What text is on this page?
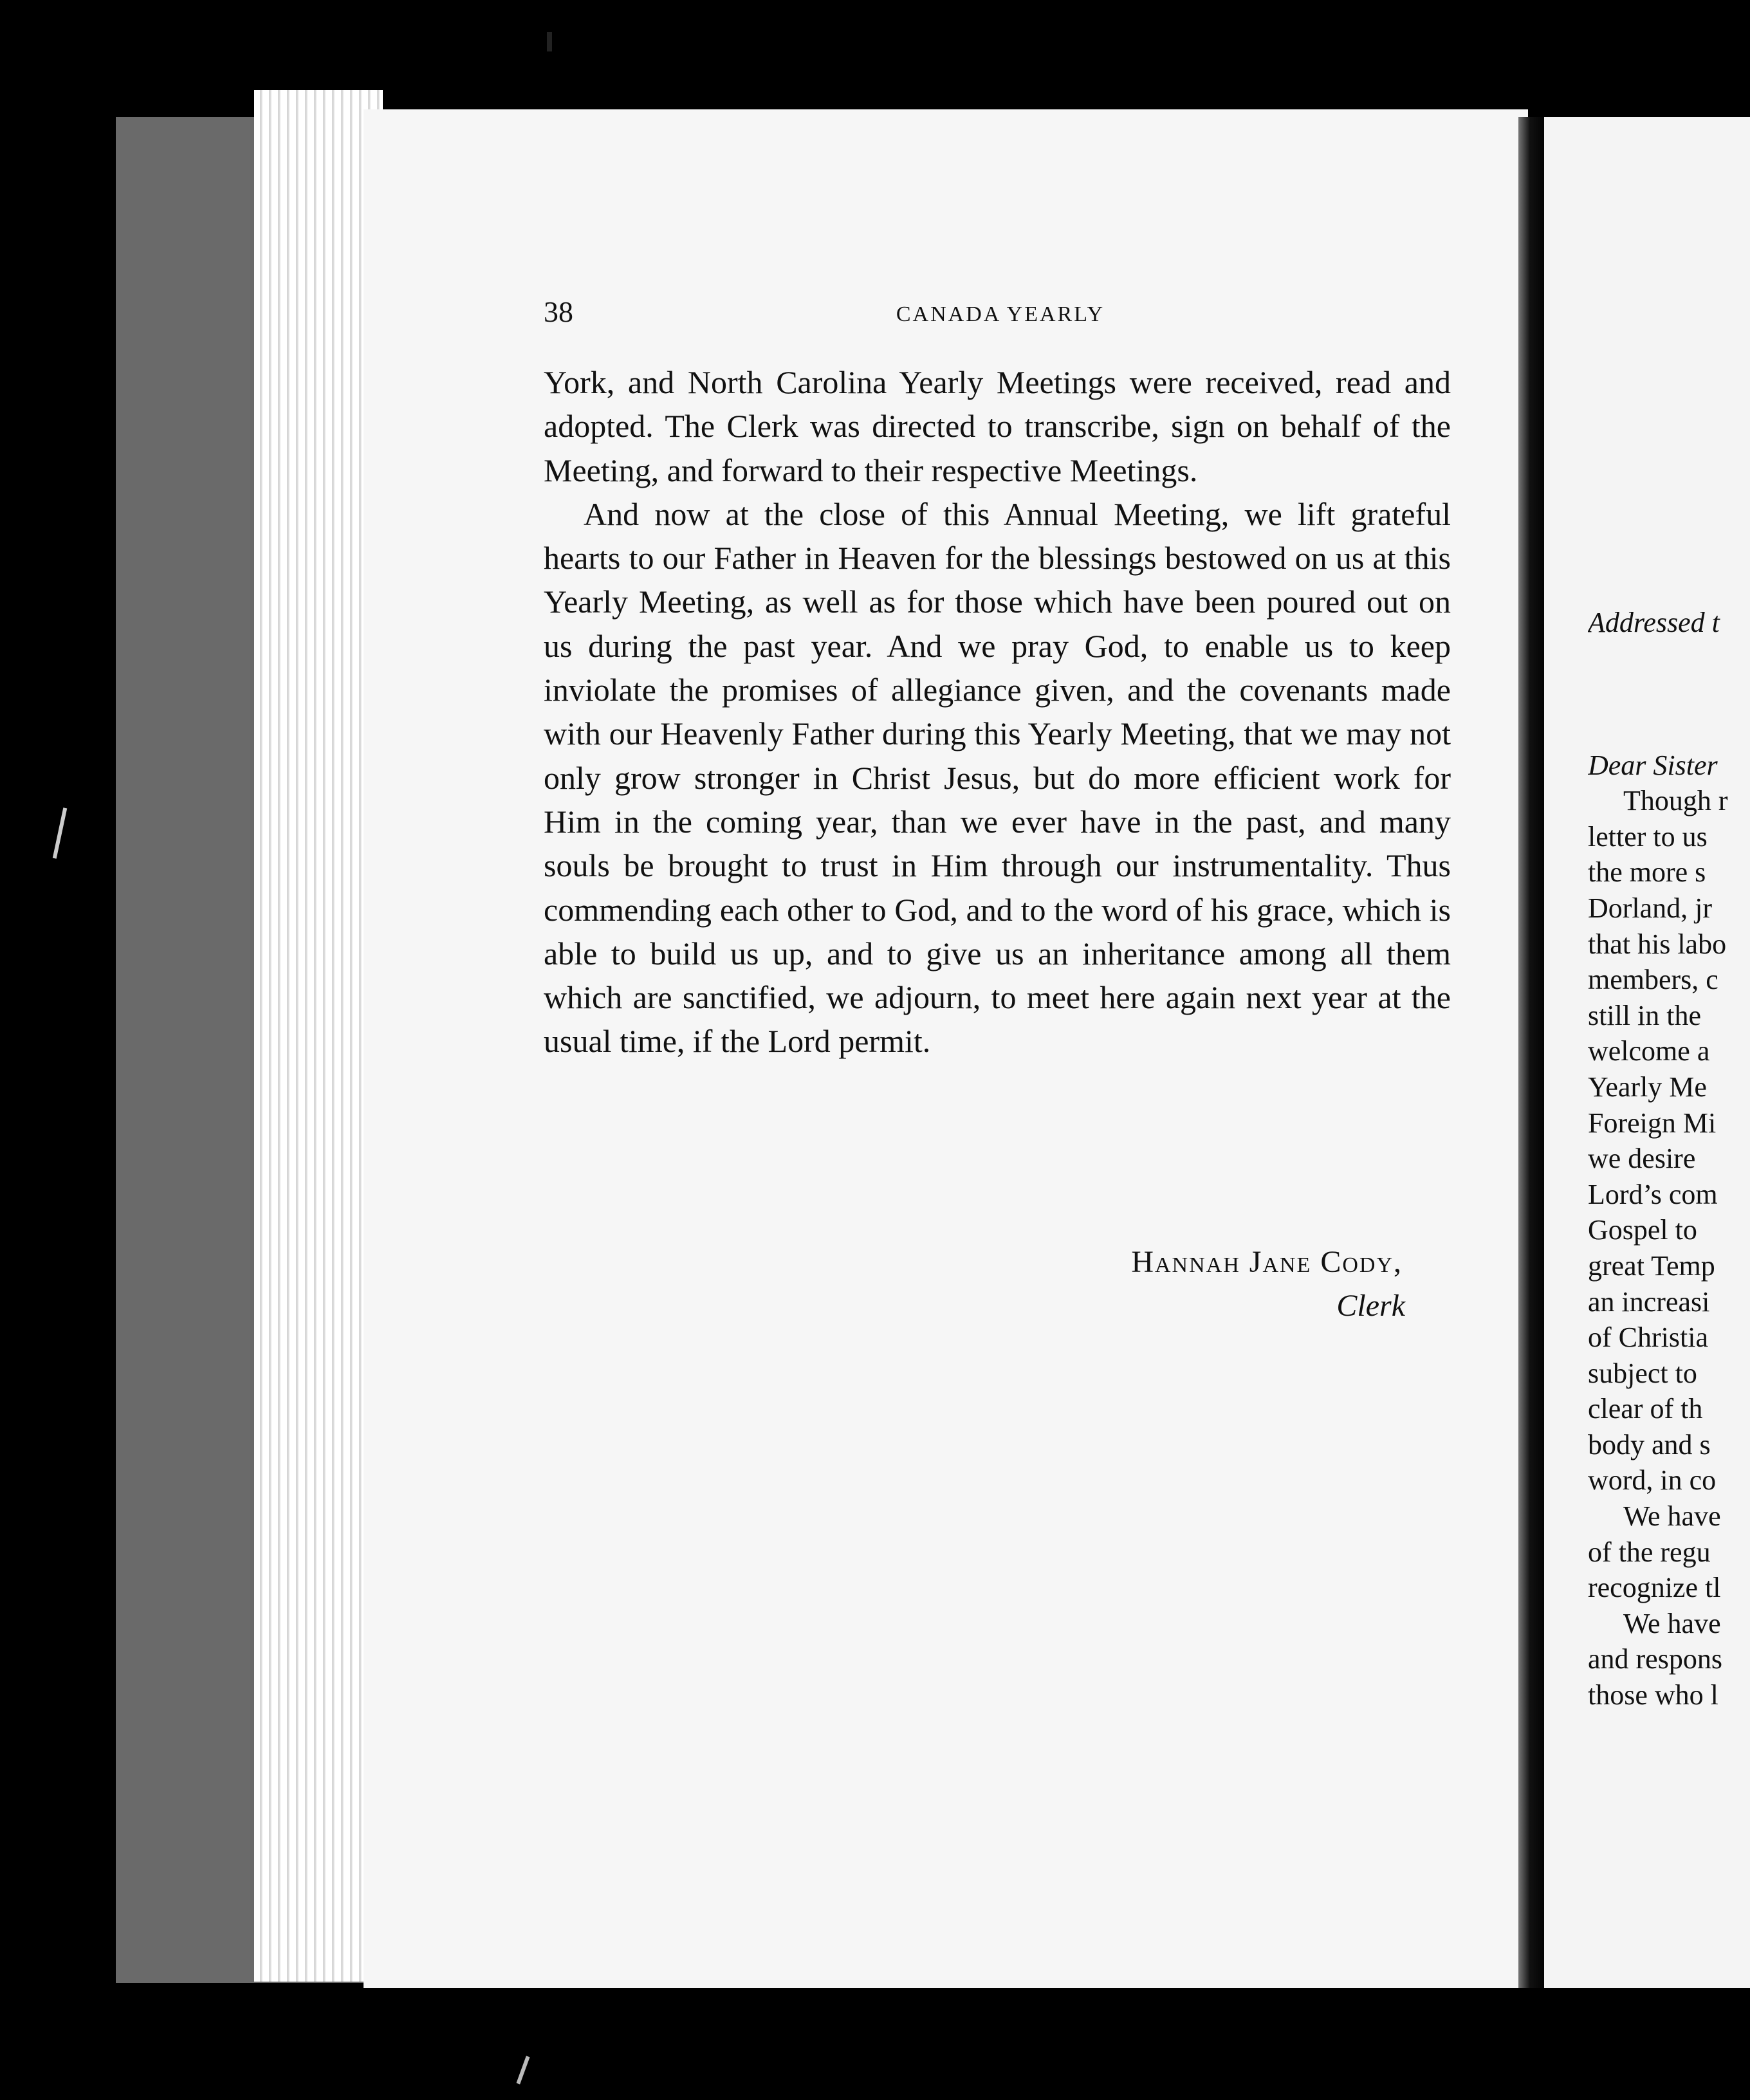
38	CANADA YEARLY

York, and North Carolina Yearly Meetings were received, read and adopted. The Clerk was directed to transcribe, sign on behalf of the Meeting, and forward to their respective Meetings.

And now at the close of this Annual Meeting, we lift grateful hearts to our Father in Heaven for the blessings bestowed on us at this Yearly Meeting, as well as for those which have been poured out on us during the past year. And we pray God, to enable us to keep inviolate the promises of allegiance given, and the covenants made with our Heavenly Father during this Yearly Meeting, that we may not only grow stronger in Christ Jesus, but do more efficient work for Him in the coming year, than we ever have in the past, and many souls be brought to trust in Him through our instrumentality. Thus commending each other to God, and to the word of his grace, which is able to build us up, and to give us an inheritance among all them which are sanctified, we adjourn, to meet here again next year at the usual time, if the Lord permit.

Hannah Jane Cody,
Clerk
Addressed t
Dear Sister
Though r
letter to us
the more s
Dorland, jr
that his labo
members, c
still in the
welcome a
Yearly Me
Foreign Mi
we desire
Lord’s com
Gospel to
great Temp
an increasi
of Christia
subject to
clear of th
body and s
word, in co
We have
of the regu
recognize tl
We have
and respons
those who l
